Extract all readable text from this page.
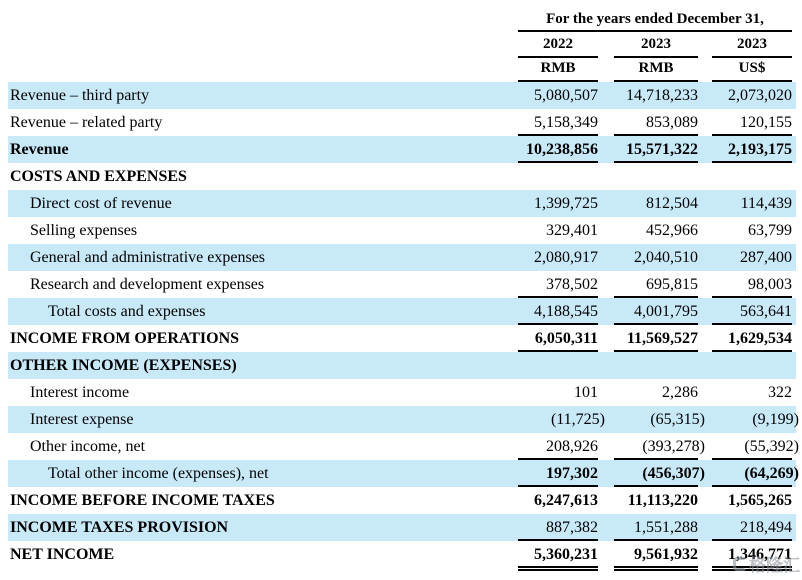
For the years ended December 31,
2022	2023	2023
RMB	RMB	US$
Revenue – third party	5,080,507	14,718,233	2,073,020
Revenue – related party	5,158,349	853,089	120,155
Revenue	10,238,856	15,571,322	2,193,175
COSTS AND EXPENSES
Direct cost of revenue	1,399,725	812,504	114,439
Selling expenses	329,401	452,966	63,799
General and administrative expenses	2,080,917	2,040,510	287,400
Research and development expenses	378,502	695,815	98,003
Total costs and expenses	4,188,545	4,001,795	563,641
INCOME FROM OPERATIONS	6,050,311	11,569,527	1,629,534
OTHER INCOME (EXPENSES)
Interest income	101	2,286	322
Interest expense	(11,725)	(65,315)	(9,199)
Other income, net	208,926	(393,278)	(55,392)
Total other income (expenses), net	197,302	(456,307)	(64,269)
INCOME BEFORE INCOME TAXES	6,247,613	11,113,220	1,565,265
INCOME TAXES PROVISION	887,382	1,551,288	218,494
NET INCOME	5,360,231	9,561,932	1,346,771
格隆汇
